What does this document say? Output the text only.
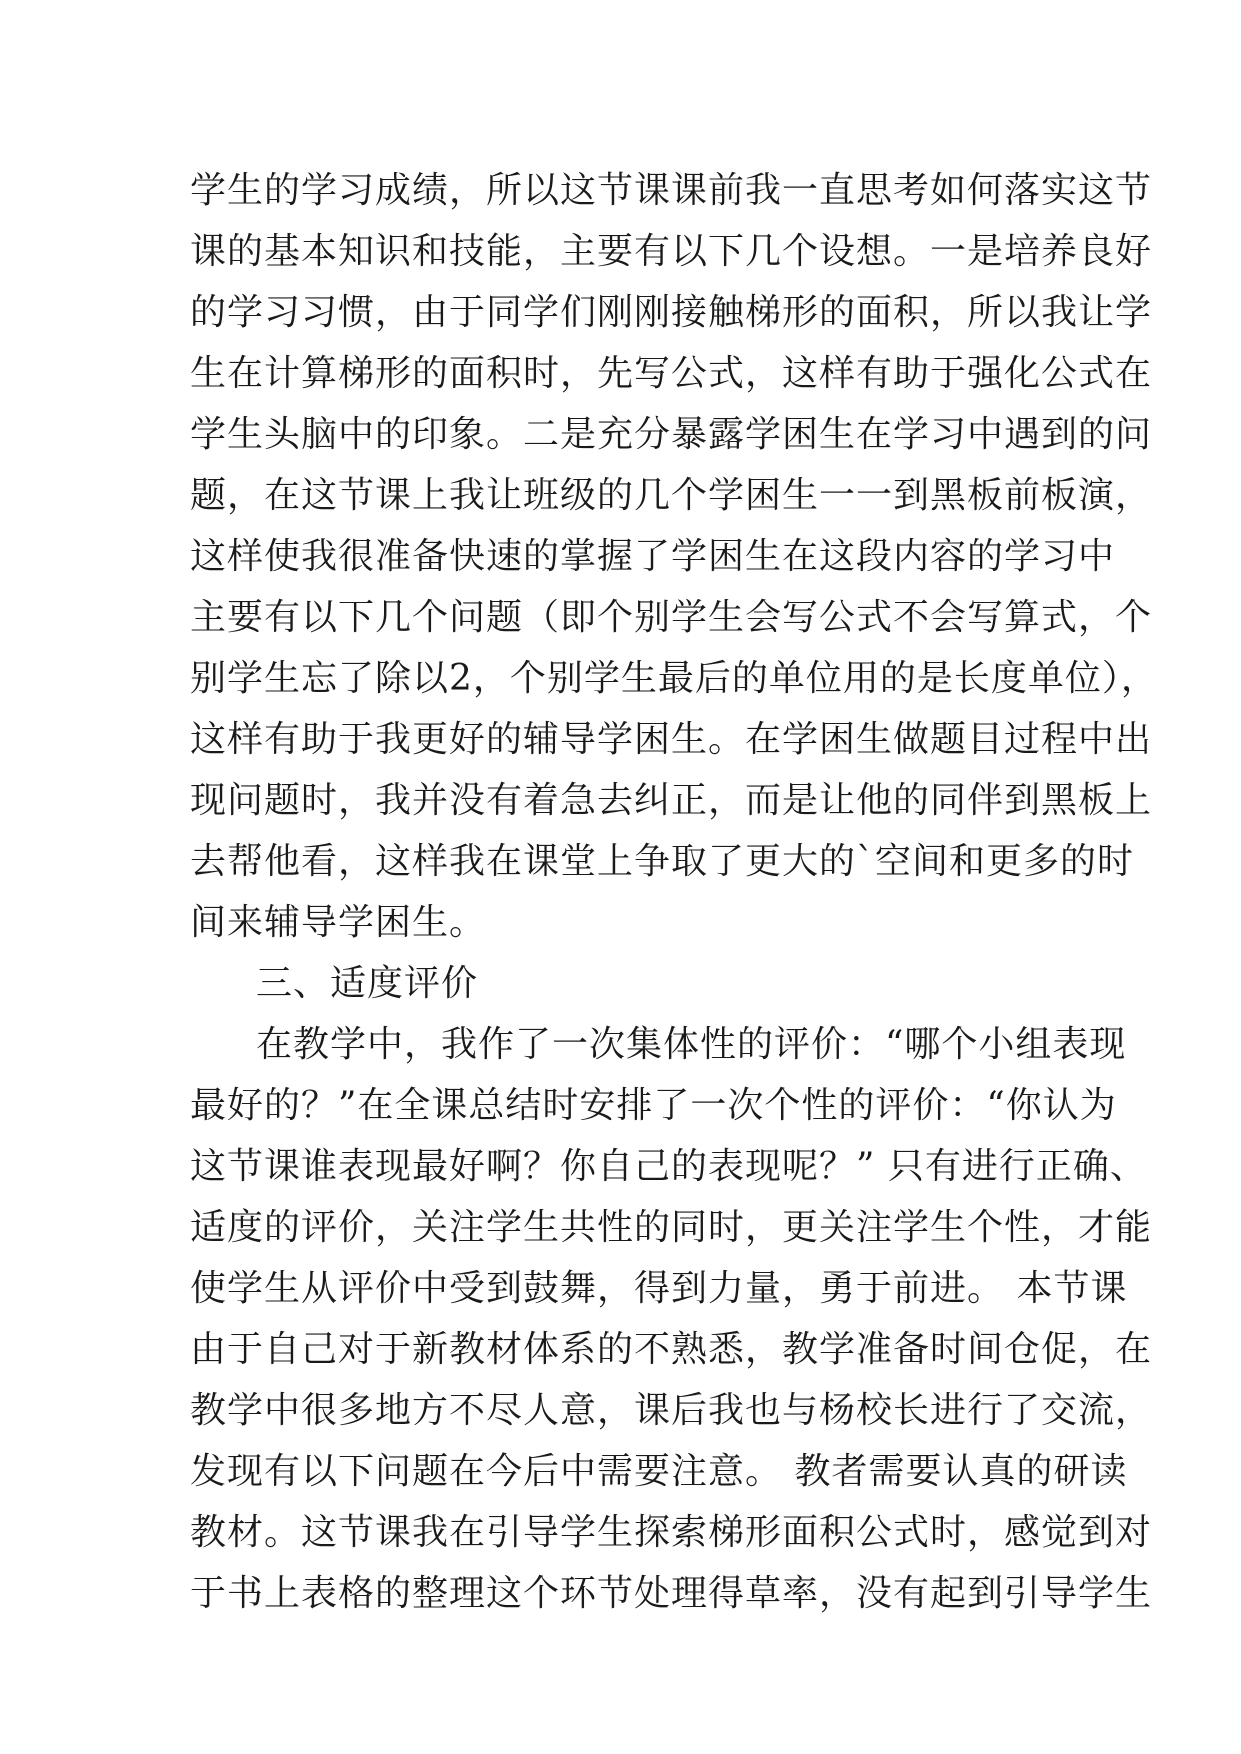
学生的学习成绩，所以这节课课前我一直思考如何落实这节
课的基本知识和技能，主要有以下几个设想。一是培养良好
的学习习惯，由于同学们刚刚接触梯形的面积，所以我让学
生在计算梯形的面积时，先写公式，这样有助于强化公式在
学生头脑中的印象。二是充分暴露学困生在学习中遇到的问
题，在这节课上我让班级的几个学困生一一到黑板前板演，
这样使我很准备快速的掌握了学困生在这段内容的学习中
主要有以下几个问题（即个别学生会写公式不会写算式，个
别学生忘了除以2，个别学生最后的单位用的是长度单位），
这样有助于我更好的辅导学困生。在学困生做题目过程中出
现问题时，我并没有着急去纠正，而是让他的同伴到黑板上
去帮他看，这样我在课堂上争取了更大的`空间和更多的时
间来辅导学困生。
三、适度评价
在教学中，我作了一次集体性的评价：“哪个小组表现
最好的？”在全课总结时安排了一次个性的评价：“你认为
这节课谁表现最好啊？你自己的表现呢？” 只有进行正确、
适度的评价，关注学生共性的同时，更关注学生个性，才能
使学生从评价中受到鼓舞，得到力量，勇于前进。 本节课
由于自己对于新教材体系的不熟悉，教学准备时间仓促，在
教学中很多地方不尽人意，课后我也与杨校长进行了交流，
发现有以下问题在今后中需要注意。 教者需要认真的研读
教材。这节课我在引导学生探索梯形面积公式时，感觉到对
于书上表格的整理这个环节处理得草率，没有起到引导学生
